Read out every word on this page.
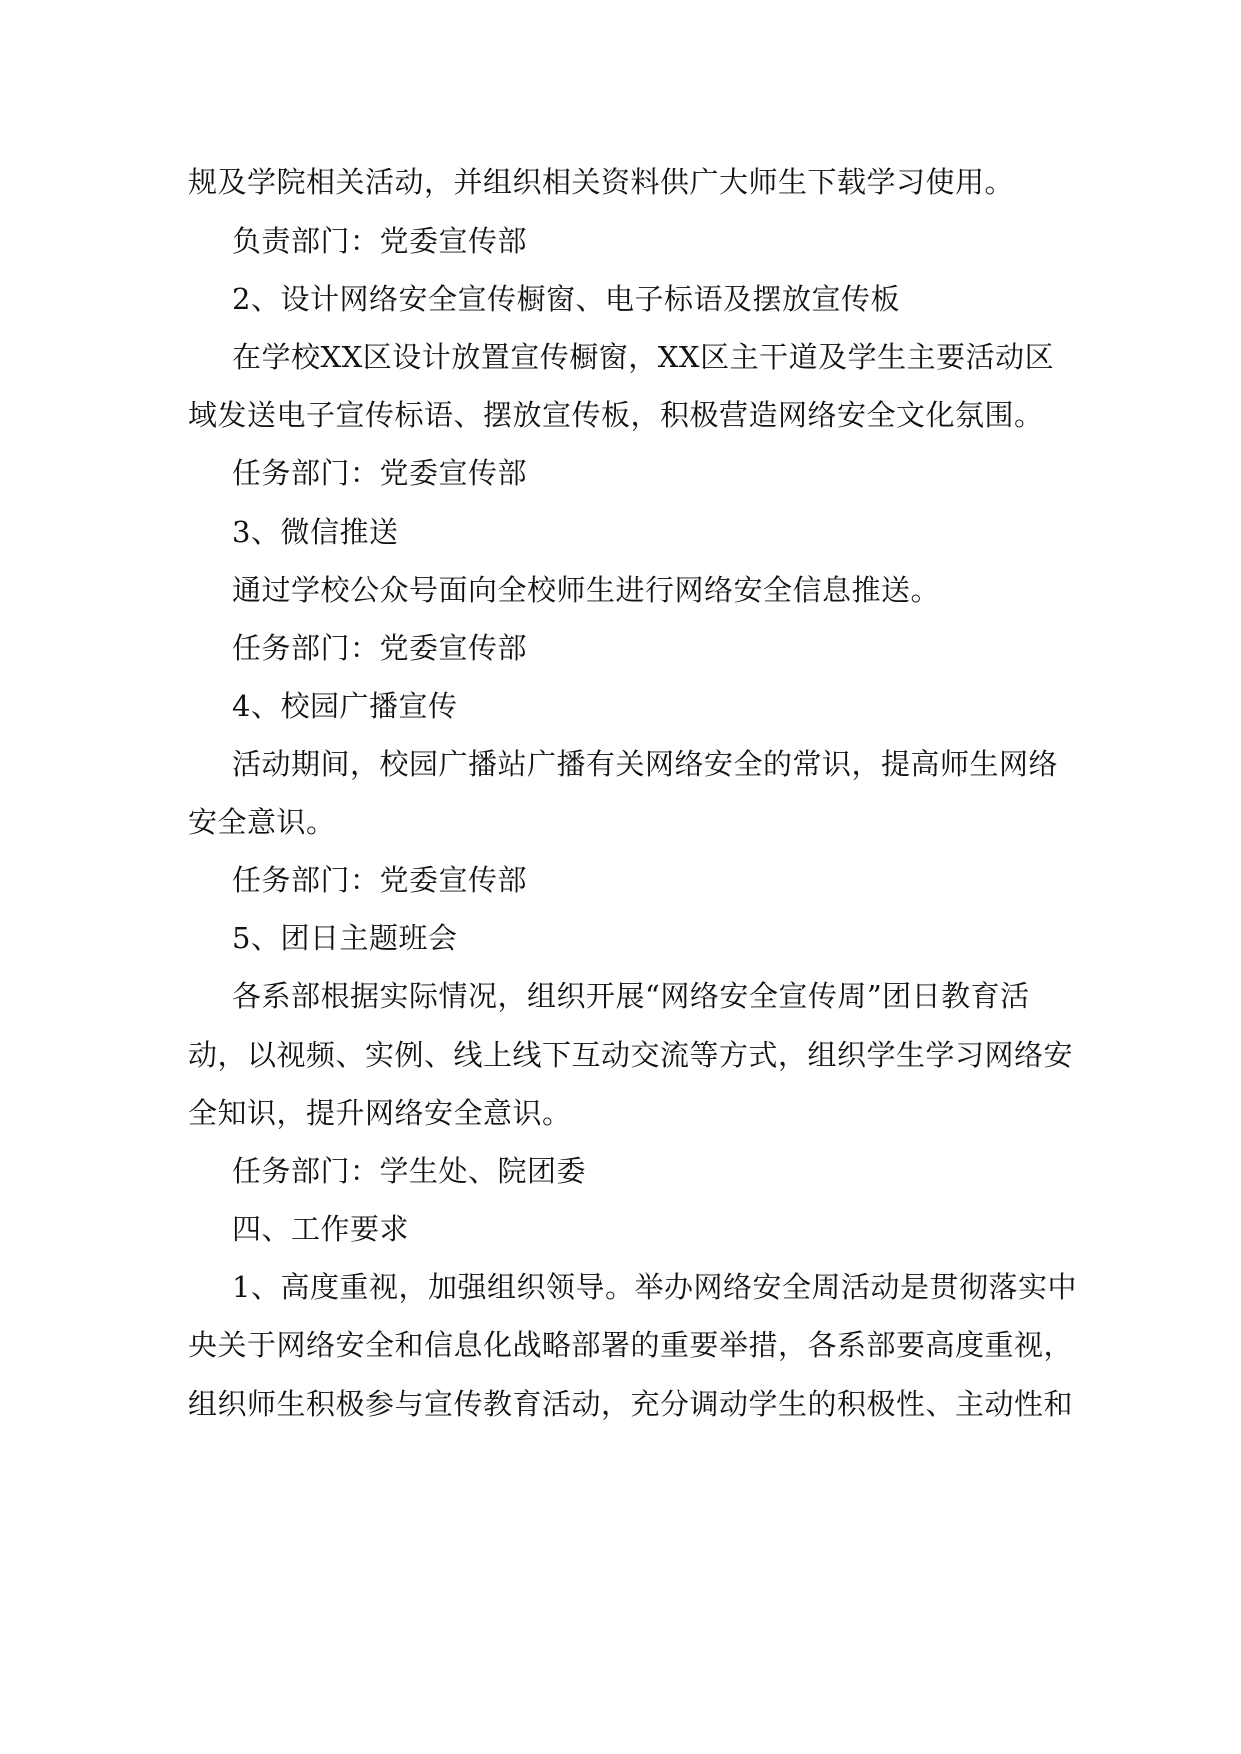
规及学院相关活动，并组织相关资料供广大师生下载学习使用。
负责部门：党委宣传部
2、设计网络安全宣传橱窗、电子标语及摆放宣传板
在学校XX区设计放置宣传橱窗，XX区主干道及学生主要活动区
域发送电子宣传标语、摆放宣传板，积极营造网络安全文化氛围。
任务部门：党委宣传部
3、微信推送
通过学校公众号面向全校师生进行网络安全信息推送。
任务部门：党委宣传部
4、校园广播宣传
活动期间，校园广播站广播有关网络安全的常识，提高师生网络
安全意识。
任务部门：党委宣传部
5、团日主题班会
各系部根据实际情况，组织开展“网络安全宣传周”团日教育活
动，以视频、实例、线上线下互动交流等方式，组织学生学习网络安
全知识，提升网络安全意识。
任务部门：学生处、院团委
四、工作要求
1、高度重视，加强组织领导。举办网络安全周活动是贯彻落实中
央关于网络安全和信息化战略部署的重要举措，各系部要高度重视，
组织师生积极参与宣传教育活动，充分调动学生的积极性、主动性和
